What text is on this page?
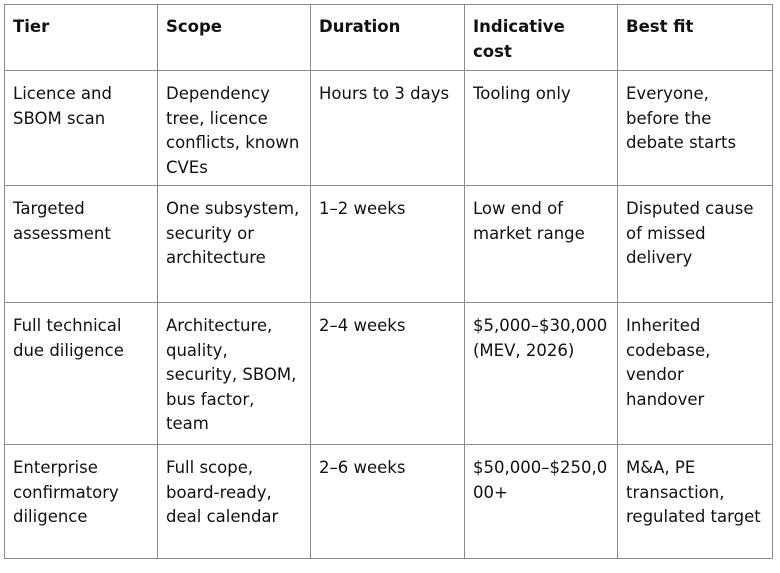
Tier	Scope	Duration	Indicative cost	Best fit
Licence and SBOM scan	Dependency tree, licence conflicts, known CVEs	Hours to 3 days	Tooling only	Everyone, before the debate starts
Targeted assessment	One subsystem, security or architecture	1–2 weeks	Low end of market range	Disputed cause of missed delivery
Full technical due diligence	Architecture, quality, security, SBOM, bus factor, team	2–4 weeks	$5,000–$30,000 (MEV, 2026)	Inherited codebase, vendor handover
Enterprise confirmatory diligence	Full scope, board-ready, deal calendar	2–6 weeks	$50,000–$250,000+	M&A, PE transaction, regulated target
